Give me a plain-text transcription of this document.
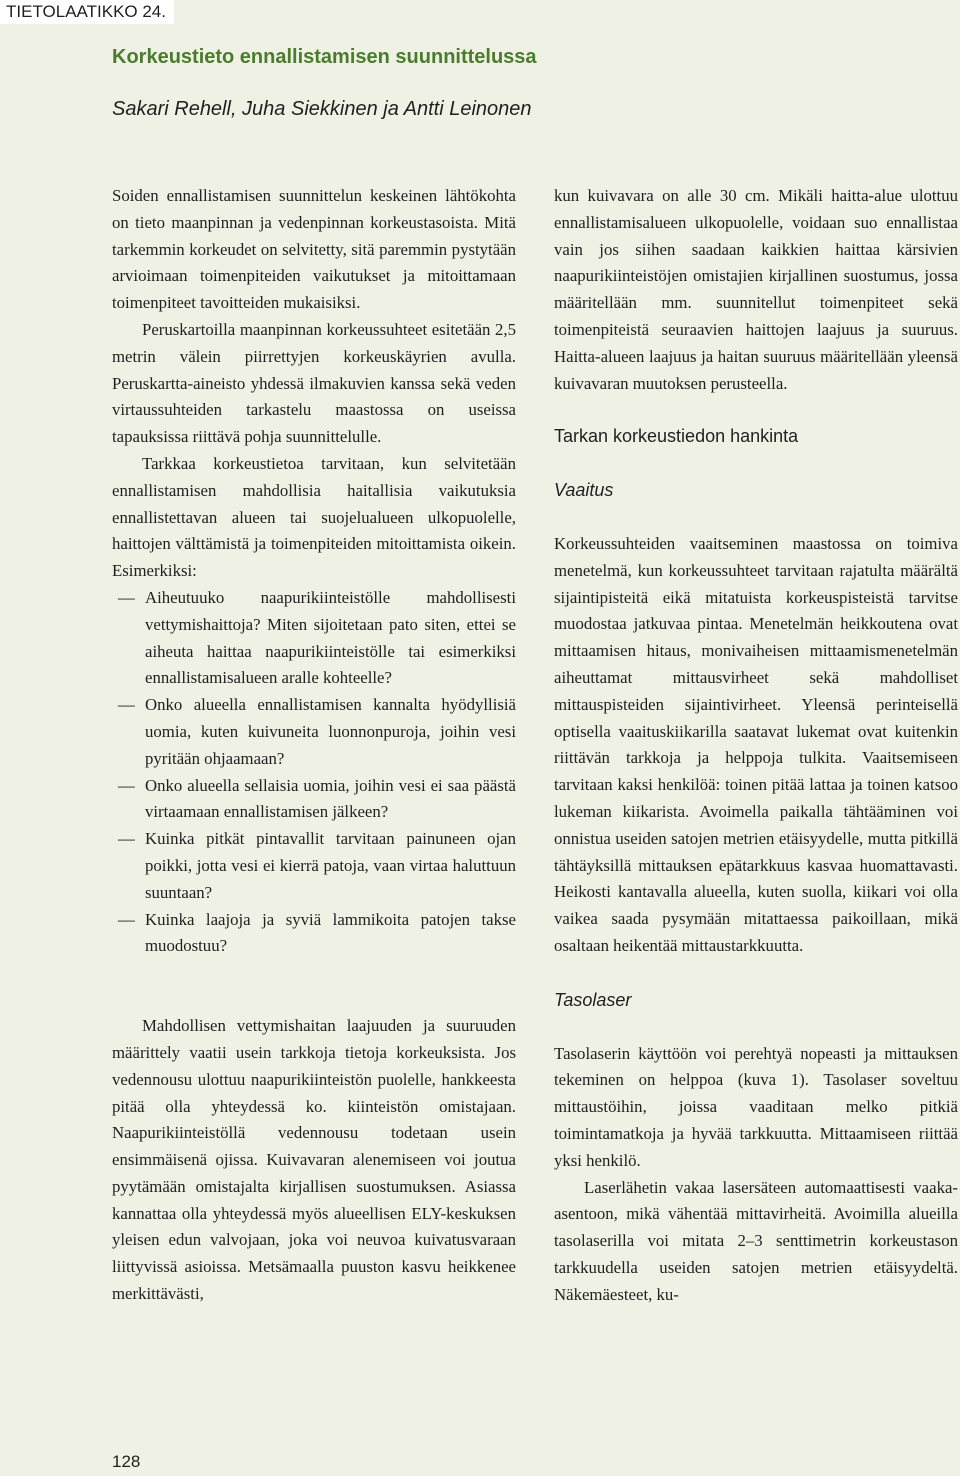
TIETOLAATIKKO 24.
Korkeustieto ennallistamisen suunnittelussa
Sakari Rehell, Juha Siekkinen ja Antti Leinonen

Soiden ennallistamisen suunnittelun keskeinen lähtökohta on tieto maanpinnan ja vedenpinnan korkeustasoista. Mitä tarkemmin korkeudet on selvitetty, sitä paremmin pystytään arvioimaan toimenpiteiden vaikutukset ja mitoittamaan toimenpiteet tavoitteiden mukaisiksi.

Peruskartoilla maanpinnan korkeussuhteet esitetään 2,5 metrin välein piirrettyjen korkeuskäyrien avulla. Peruskartta-aineisto yhdessä ilmakuvien kanssa sekä veden virtaussuhteiden tarkastelu maastossa on useissa tapauksissa riittävä pohja suunnittelulle.

Tarkkaa korkeustietoa tarvitaan, kun selvitetään ennallistamisen mahdollisia haitallisia vaikutuksia ennallistettavan alueen tai suojelualueen ulkopuolelle, haittojen välttämistä ja toimenpiteiden mitoittamista oikein. Esimerkiksi:

— Aiheutuuko naapurikiinteistölle mahdollisesti vettymishaittoja? Miten sijoitetaan pato siten, ettei se aiheuta haittaa naapurikiinteistölle tai esimerkiksi ennallistamisalueen aralle kohteelle?
— Onko alueella ennallistamisen kannalta hyödyllisiä uomia, kuten kuivuneita luonnonpuroja, joihin vesi pyritään ohjaamaan?
— Onko alueella sellaisia uomia, joihin vesi ei saa päästä virtaamaan ennallistamisen jälkeen?
— Kuinka pitkät pintavallit tarvitaan painuneen ojan poikki, jotta vesi ei kierrä patoja, vaan virtaa haluttuun suuntaan?
— Kuinka laajoja ja syviä lammikoita patojen takse muodostuu?

Mahdollisen vettymishaitan laajuuden ja suuruuden määrittely vaatii usein tarkkoja tietoja korkeuksista. Jos vedennousu ulottuu naapurikiinteistön puolelle, hankkeesta pitää olla yhteydessä ko. kiinteistön omistajaan. Naapurikiinteistöllä vedennousu todetaan usein ensimmäisenä ojissa. Kuivavaran alenemiseen voi joutua pyytämään omistajalta kirjallisen suostumuksen. Asiassa kannattaa olla yhteydessä myös alueellisen ELY-keskuksen yleisen edun valvojaan, joka voi neuvoa kuivatusvaraan liittyvissä asioissa. Metsämaalla puuston kasvu heikkenee merkittävästi,

kun kuivavara on alle 30 cm. Mikäli haitta-alue ulottuu ennallistamisalueen ulkopuolelle, voidaan suo ennallistaa vain jos siihen saadaan kaikkien haittaa kärsivien naapurikiinteistöjen omistajien kirjallinen suostumus, jossa määritellään mm. suunnitellut toimenpiteet sekä toimenpiteistä seuraavien haittojen laajuus ja suuruus. Haitta-alueen laajuus ja haitan suuruus määritellään yleensä kuivavaran muutoksen perusteella.

Tarkan korkeustiedon hankinta
Vaaitus

Korkeussuhteiden vaaitseminen maastossa on toimiva menetelmä, kun korkeussuhteet tarvitaan rajatulta määrältä sijaintipisteitä eikä mitatuista korkeuspisteistä tarvitse muodostaa jatkuvaa pintaa. Menetelmän heikkoutena ovat mittaamisen hitaus, monivaiheisen mittaamismenetelmän aiheuttamat mittausvirheet sekä mahdolliset mittauspisteiden sijaintivirheet. Yleensä perinteisellä optisella vaaituskiikarilla saatavat lukemat ovat kuitenkin riittävän tarkkoja ja helppoja tulkita. Vaaitsemiseen tarvitaan kaksi henkilöä: toinen pitää lattaa ja toinen katsoo lukeman kiikarista. Avoimella paikalla tähtääminen voi onnistua useiden satojen metrien etäisyydelle, mutta pitkillä tähtäyksillä mittauksen epätarkkuus kasvaa huomattavasti. Heikosti kantavalla alueella, kuten suolla, kiikari voi olla vaikea saada pysymään mitattaessa paikoillaan, mikä osaltaan heikentää mittaustarkkuutta.

Tasolaser

Tasolaserin käyttöön voi perehtyä nopeasti ja mittauksen tekeminen on helppoa (kuva 1). Tasolaser soveltuu mittaustöihin, joissa vaaditaan melko pitkiä toimintamatkoja ja hyvää tarkkuutta. Mittaamiseen riittää yksi henkilö.

Laserlähetin vakaa lasersäteen automaattisesti vaaka-asentoon, mikä vähentää mittavirheitä. Avoimilla alueilla tasolaserilla voi mitata 2–3 senttimetrin korkeustason tarkkuudella useiden satojen metrien etäisyydeltä. Näkemäesteet, ku-

128
